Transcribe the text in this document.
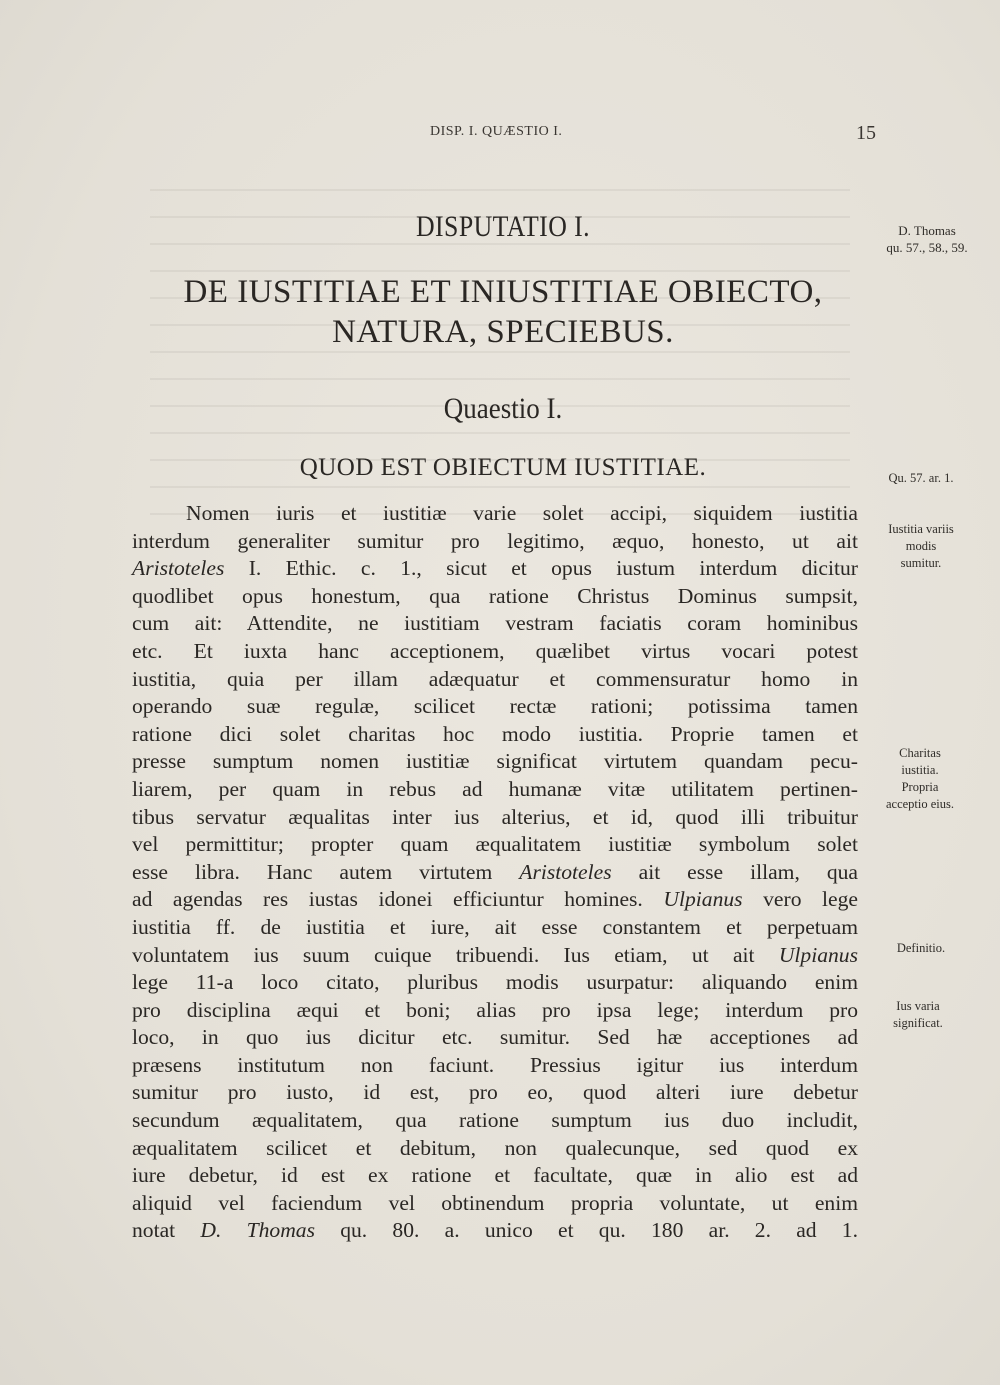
DISP. I. QUÆSTIO I.	15
DISPUTATIO I.
DE IUSTITIAE ET INIUSTITIAE OBIECTO,
NATURA, SPECIEBUS.
Quaestio I.
QUOD EST OBIECTUM IUSTITIAE.
Nomen iuris et iustitiæ varie solet accipi, siquidem iustitia
interdum generaliter sumitur pro legitimo, æquo, honesto, ut ait
Aristoteles I. Ethic. c. 1., sicut et opus iustum interdum dicitur
quodlibet opus honestum, qua ratione Christus Dominus sumpsit,
cum ait: Attendite, ne iustitiam vestram faciatis coram hominibus
etc. Et iuxta hanc acceptionem, quælibet virtus vocari potest
iustitia, quia per illam adæquatur et commensuratur homo in
operando suæ regulæ, scilicet rectæ rationi; potissima tamen
ratione dici solet charitas hoc modo iustitia. Proprie tamen et
presse sumptum nomen iustitiæ significat virtutem quandam pecu-
liarem, per quam in rebus ad humanæ vitæ utilitatem pertinen-
tibus servatur æqualitas inter ius alterius, et id, quod illi tribuitur
vel permittitur; propter quam æqualitatem iustitiæ symbolum solet
esse libra. Hanc autem virtutem Aristoteles ait esse illam, qua
ad agendas res iustas idonei efficiuntur homines. Ulpianus vero lege
iustitia ff. de iustitia et iure, ait esse constantem et perpetuam
voluntatem ius suum cuique tribuendi. Ius etiam, ut ait Ulpianus
lege 11-a loco citato, pluribus modis usurpatur: aliquando enim
pro disciplina æqui et boni; alias pro ipsa lege; interdum pro
loco, in quo ius dicitur etc. sumitur. Sed hæ acceptiones ad
præsens institutum non faciunt. Pressius igitur ius interdum
sumitur pro iusto, id est, pro eo, quod alteri iure debetur
secundum æqualitatem, qua ratione sumptum ius duo includit,
æqualitatem scilicet et debitum, non qualecunque, sed quod ex
iure debetur, id est ex ratione et facultate, quæ in alio est ad
aliquid vel faciendum vel obtinendum propria voluntate, ut enim
notat D. Thomas qu. 80. a. unico et qu. 180 ar. 2. ad 1.
D. Thomas
qu. 57., 58., 59.
Qu. 57. ar. 1.
Iustitia variis
modis
sumitur.
Charitas
iustitia.
Propria
acceptio eius.
Definitio.
Ius varia
significat.
